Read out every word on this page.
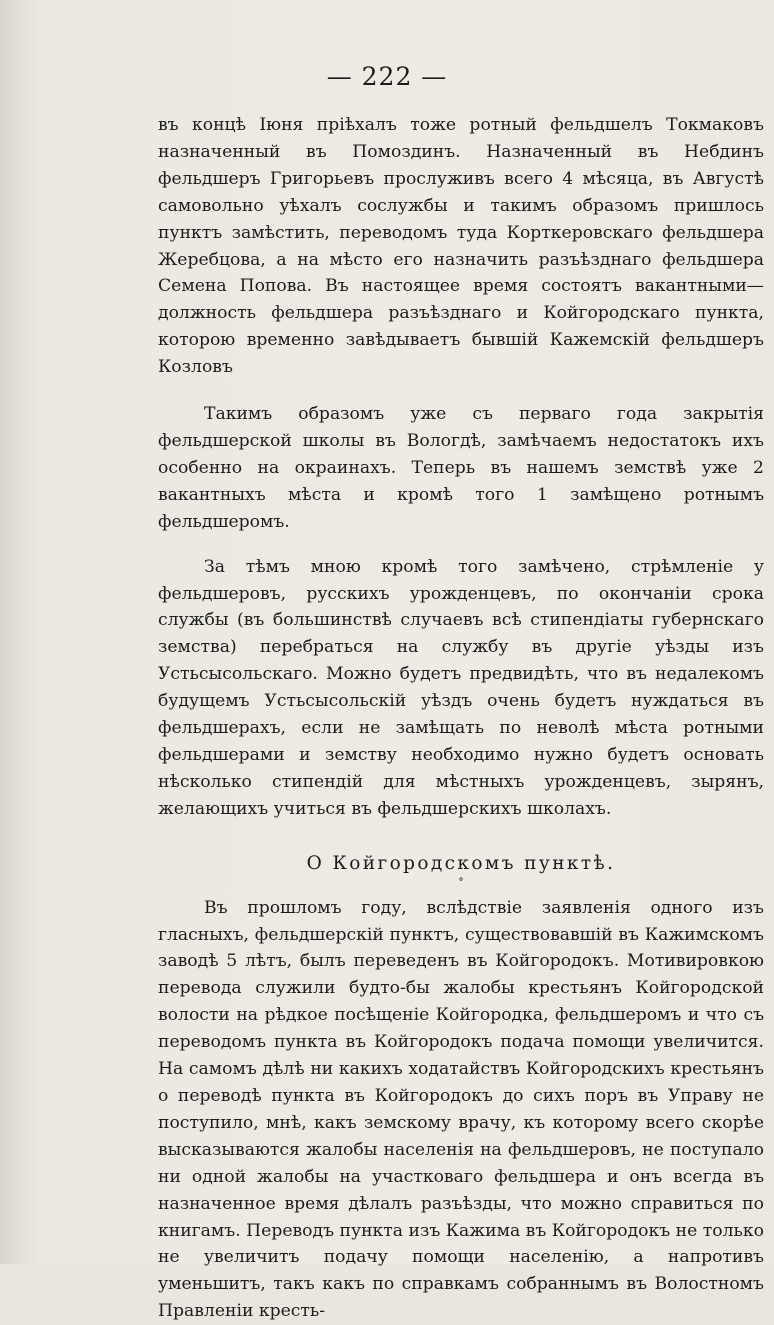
— 222 —

въ концѣ Iюня прiѣхалъ тоже ротный фельдшелъ Токмаковъ назначенный въ Помоздинъ. Назначенный въ Небдинъ фельдшеръ Григорьевъ прослуживъ всего 4 мѣсяца, въ Августѣ самовольно уѣхалъ сослужбы и такимъ образомъ пришлось пунктъ замѣстить, переводомъ туда Корткеровскаго фельдшера Жеребцова, а на мѣсто его назначить разъѣзднаго фельдшера Семена Попова. Въ настоящее время состоятъ вакантными—должность фельдшера разъѣзднаго и Койгородскаго пункта, которою временно завѣдываетъ бывшiй Кажемскiй фельдшеръ Козловъ

Такимъ образомъ уже съ перваго года закрытiя фельдшерской школы въ Вологдѣ, замѣчаемъ недостатокъ ихъ особенно на окраинахъ. Теперь въ нашемъ земствѣ уже 2 вакантныхъ мѣста и кромѣ того 1 замѣщено ротнымъ фельдшеромъ.

За тѣмъ мною кромѣ того замѣчено, стрѣмленiе у фельдшеровъ, русскихъ урожденцевъ, по окончанiи срока службы (въ большинствѣ случаевъ всѣ стипендiаты губернскаго земства) перебраться на службу въ другiе уѣзды изъ Устьсысольскаго. Можно будетъ предвидѣть, что въ недалекомъ будущемъ Устьсысольскiй уѣздъ очень будетъ нуждаться въ фельдшерахъ, если не замѣщать по неволѣ мѣста ротными фельдшерами и земству необходимо нужно будетъ основать нѣсколько стипендiй для мѣстныхъ урожденцевъ, зырянъ, желающихъ учиться въ фельдшерскихъ школахъ.

О Койгородскомъ пунктѣ.
˚

Въ прошломъ году, вслѣдствiе заявленiя одного изъ гласныхъ, фельдшерскiй пунктъ, существовавшiй въ Кажимскомъ заводѣ 5 лѣтъ, былъ переведенъ въ Койгородокъ. Мотивировкою перевода служили будто-бы жалобы крестьянъ Койгородской волости на рѣдкое посѣщенiе Койгородка, фельдшеромъ и что съ переводомъ пункта въ Койгородокъ подача помощи увеличится. На самомъ дѣлѣ ни какихъ ходатайствъ Койгородскихъ крестьянъ о переводѣ пункта въ Койгородокъ до сихъ поръ въ Управу не поступило, мнѣ, какъ земскому врачу, къ которому всего скорѣе высказываются жалобы населенiя на фельдшеровъ, не поступало ни одной жалобы на участковаго фельдшера и онъ всегда въ назначенное время дѣлалъ разъѣзды, что можно справиться по книгамъ. Переводъ пункта изъ Кажима въ Койгородокъ не только не увеличитъ подачу помощи населенiю, а напротивъ уменьшитъ, такъ какъ по справкамъ собраннымъ въ Волостномъ Правленiи кресть-
